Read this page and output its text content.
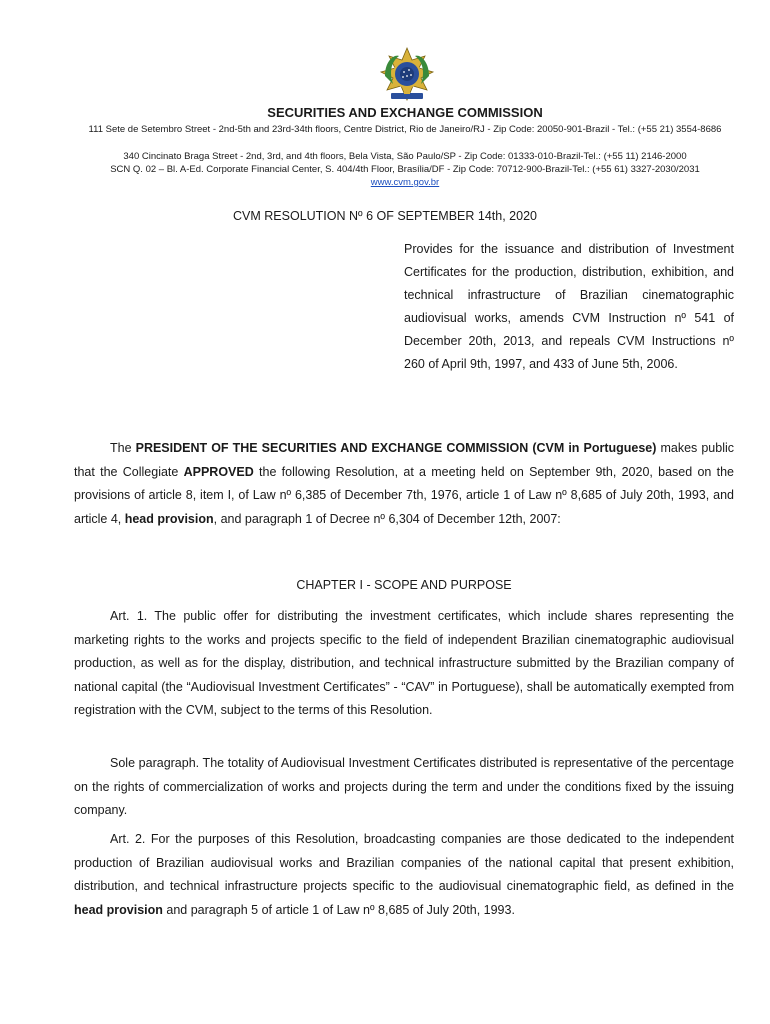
SECURITIES AND EXCHANGE COMMISSION
111 Sete de Setembro Street - 2nd-5th and 23rd-34th floors, Centre District, Rio de Janeiro/RJ - Zip Code: 20050-901-Brazil - Tel.: (+55 21) 3554-8686
340 Cincinato Braga Street - 2nd, 3rd, and 4th floors, Bela Vista, São Paulo/SP - Zip Code: 01333-010-Brazil-Tel.: (+55 11) 2146-2000
SCN Q. 02 – Bl. A-Ed. Corporate Financial Center, S. 404/4th Floor, Brasília/DF - Zip Code: 70712-900-Brazil-Tel.: (+55 61) 3327-2030/2031
www.cvm.gov.br
CVM RESOLUTION Nº 6 OF SEPTEMBER 14th, 2020
Provides for the issuance and distribution of Investment Certificates for the production, distribution, exhibition, and technical infrastructure of Brazilian cinematographic audiovisual works, amends CVM Instruction nº 541 of December 20th, 2013, and repeals CVM Instructions nº 260 of April 9th, 1997, and 433 of June 5th, 2006.
The PRESIDENT OF THE SECURITIES AND EXCHANGE COMMISSION (CVM in Portuguese) makes public that the Collegiate APPROVED the following Resolution, at a meeting held on September 9th, 2020, based on the provisions of article 8, item I, of Law nº 6,385 of December 7th, 1976, article 1 of Law nº 8,685 of July 20th, 1993, and article 4, head provision, and paragraph 1 of Decree nº 6,304 of December 12th, 2007:
CHAPTER I - SCOPE AND PURPOSE
Art. 1. The public offer for distributing the investment certificates, which include shares representing the marketing rights to the works and projects specific to the field of independent Brazilian cinematographic audiovisual production, as well as for the display, distribution, and technical infrastructure submitted by the Brazilian company of national capital (the “Audiovisual Investment Certificates” - “CAV” in Portuguese), shall be automatically exempted from registration with the CVM, subject to the terms of this Resolution.
Sole paragraph. The totality of Audiovisual Investment Certificates distributed is representative of the percentage on the rights of commercialization of works and projects during the term and under the conditions fixed by the issuing company.
Art. 2. For the purposes of this Resolution, broadcasting companies are those dedicated to the independent production of Brazilian audiovisual works and Brazilian companies of the national capital that present exhibition, distribution, and technical infrastructure projects specific to the audiovisual cinematographic field, as defined in the head provision and paragraph 5 of article 1 of Law nº 8,685 of July 20th, 1993.
